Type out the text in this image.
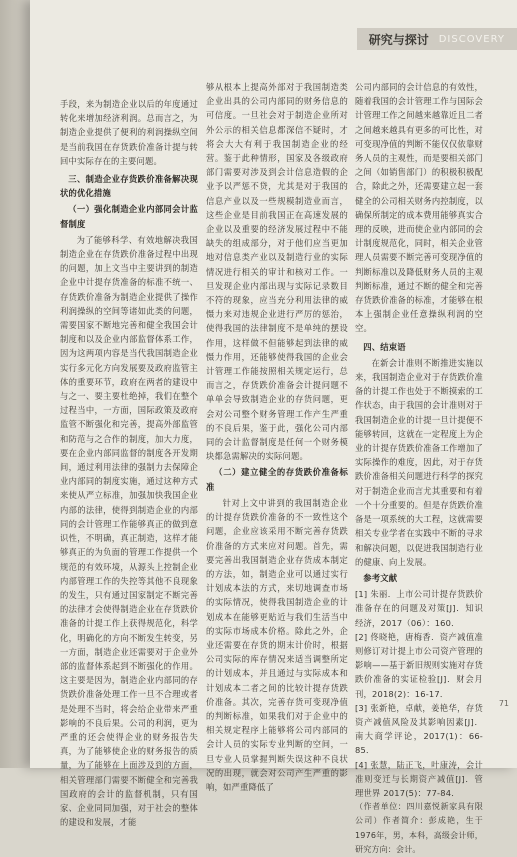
研究与探讨 DISCOVERY

手段，来为制造企业以后的年度通过转化来增加经济利润。总而言之，为制造企业提供了便利的利润操纵空间是当前我国在存货跌价准备计提与转回中实际存在的主要问题。

三、制造企业存货跌价准备解决现状的优化措施
（一）强化制造企业内部同会计监督制度

为了能够科学、有效地解决我国制造企业在存货跌价准备过程中出现的问题，加上文当中主要讲到的制造企业中计提存货准备的标准不统一、存货跌价准备为制造企业提供了操作利润操纵的空间等诸如此类的问题，需要国家不断地完善和健全我国会计制度和以及企业内部监督体系工作，因为这两项内容是当代我国制造企业实行多元化方向发展要及政府监管主体的重要环节，政府在两者的建设中与之一、要主要杜绝掉，我们在整个过程当中，一方面，国际政策及政府监管不断强化和完善，提高外部监管和防范与之合作的制度，加大力度，要在企业内部同监督的制度各开发期间，通过利用法律的强制力去保障企业内部同的制度实施，通过这种方式来使从严立标准，加强加快我国企业内部的法律，使得到制造企业的内部同的会计管理工作能够真正的做到意识性，不明确，真正制造，这样才能够真正的为负面的管理工作提供一个规范的有效环境，从源头上控制企业内部管理工作的失控等其他不良现象的发生，只有通过国家制定不断完善的法律才会使得制造企业在存货跌价准备的计提工作上获得规范化，科学化，明确化的方向不断发生转变，另一方面，制造企业还需要对于企业外部的监督体系起到不断强化的作用。这主要是因为，制造企业内部同的存货跌价准备处理工作一旦不合理或者是处理不当时，将会给企业带来严重影响的不良后果。公司的利润，更为严重的还会使得企业的财务报告失真，为了能够使企业的财务报告的质量，为了能够在上面涉及到的方面，相关管理部门需要不断健全和完善我国政府的会计的监督机制，只有国家、企业同同加强，对于社会的整体的建设和发展，才能

够从根本上提高外部对于我国制造类企业出具的公司内部同的财务信息的可信度。一旦社会对于制造企业所对外公示的相关信息都深信不疑时，才将会大大有利于我国制造企业的经营。鉴于此种情形，国家及各级政府部门需要对涉及到会计信息造假的企业予以严惩不贷，尤其是对于我国的信息产业以及一些规模制造业而言，这些企业是目前我国正在高速发展的企业以及重要的经济发展过程中不能缺失的组成部分，对于他们应当更加地对信息类产业以及制造行业的实际情况进行相关的审计和核对工作。一旦发现企业内部出现与实际记录数目不符的现象，应当充分利用法律的威慑力来对违规企业进行严厉的惩治，使得我国的法律制度不是单纯的摆设作用，这样做不但能够起到法律的威慑力作用，还能够使得我国的企业会计管理工作能按照相关规定运行，总而言之，存货跌价准备会计提问题不单单会导致制造企业的存货问题，更会对公司整个财务管理工作产生严重的不良后果，鉴于此，强化公司内部同的会计监督制度是任何一个财务模块都急需解决的实际问题。

（二）建立健全的存货跌价准备标准

针对上文中讲到的我国制造企业的计提存货跌价准备的不一致性这个问题，企业应该采用不断完善存货跌价准备的方式来应对问题。首先，需要完善出我国制造企业存货成本制定的方法，如，制造企业可以通过实行计划成本法的方式，来切地调查市场的实际情况，使得我国制造企业的计划成本在能够更贴近与我们生活当中的实际市场成本价格。除此之外，企业还需要在存货的期末计价时，根据公司实际的库存情况来适当调整所定的计划成本，并且通过与实际成本和计划成本二者之间的比较计提存货跌价准备。其次，完善存货可变现净值的判断标准，如果我们对于企业中的相关规定程序上能够将公司内部同的会计人员的实际专业判断的空间，一旦专业人员掌握判断失误这种不良状况的出现，就会对公司产生严重的影响，如严重降低了

公司内部同的会计信息的有效性，随着我国的会计管理工作与国际会计管理工作之间越来越靠近且二者之间越来越具有更多的可比性，对可变现净值的判断不能仅仅依靠财务人员的主观性，而是要相关部门之间（如销售部门）的积极积极配合，除此之外，还需要建立起一套健全的公司相关财务内控制度，以确保所制定的成本费用能够真实合理的反映，进而使企业内部同的会计制度规范化，同时，相关企业管理人员需要不断完善可变现净值的判断标准以及降低财务人员的主观判断标准，通过不断的健全和完善存货跌价准备的标准，才能够在根本上强制企业任意操纵利润的空空。

四、结束语

在新会计准则不断推进实施以来，我国制造企业对于存货跌价准备的计提工作也处于不断摸索的工作状态，由于我国的会计准则对于我国制造企业的计提一旦计提便不能够转回，这就在一定程度上为企业的计提存货跌价准备工作增加了实际操作的难度，因此，对于存货跌价准备相关问题进行科学的探究对于制造企业而言尤其重要和有着一个十分重要的。但是存货跌价准备是一项系统的大工程，这就需要相关专业学者在实践中不断的寻求和解决问题，以促进我国制造行业的健康、向上发展。

参考文献

[1] 朱丽．上市公司计提存货跌价准备存在的问题及对策[J]．知识经济，2017（06）：160．

[2] 佟晓艳，唐梅香．资产减值准则修订对计提上市公司资产管理的影响——基于新旧规则实施对存货跌价准备的实证检验[J]．财会月刊，2018(2)：16-17．

[3] 张新艳，卓献，姜艳华，存货资产减值风险及其影响因素[J]．南大商学评论，2017(1)：66-85．

[4] 张慧，陆正飞，叶康涛，会计准则变迁与长期资产减值[J]．管理世界 2017(5)：77-84．

（作者单位：四川嘉悦新家具有限公司）作者简介：彭成艳，生于1976年，男，本科，高级会计师，研究方向：会计。

71
